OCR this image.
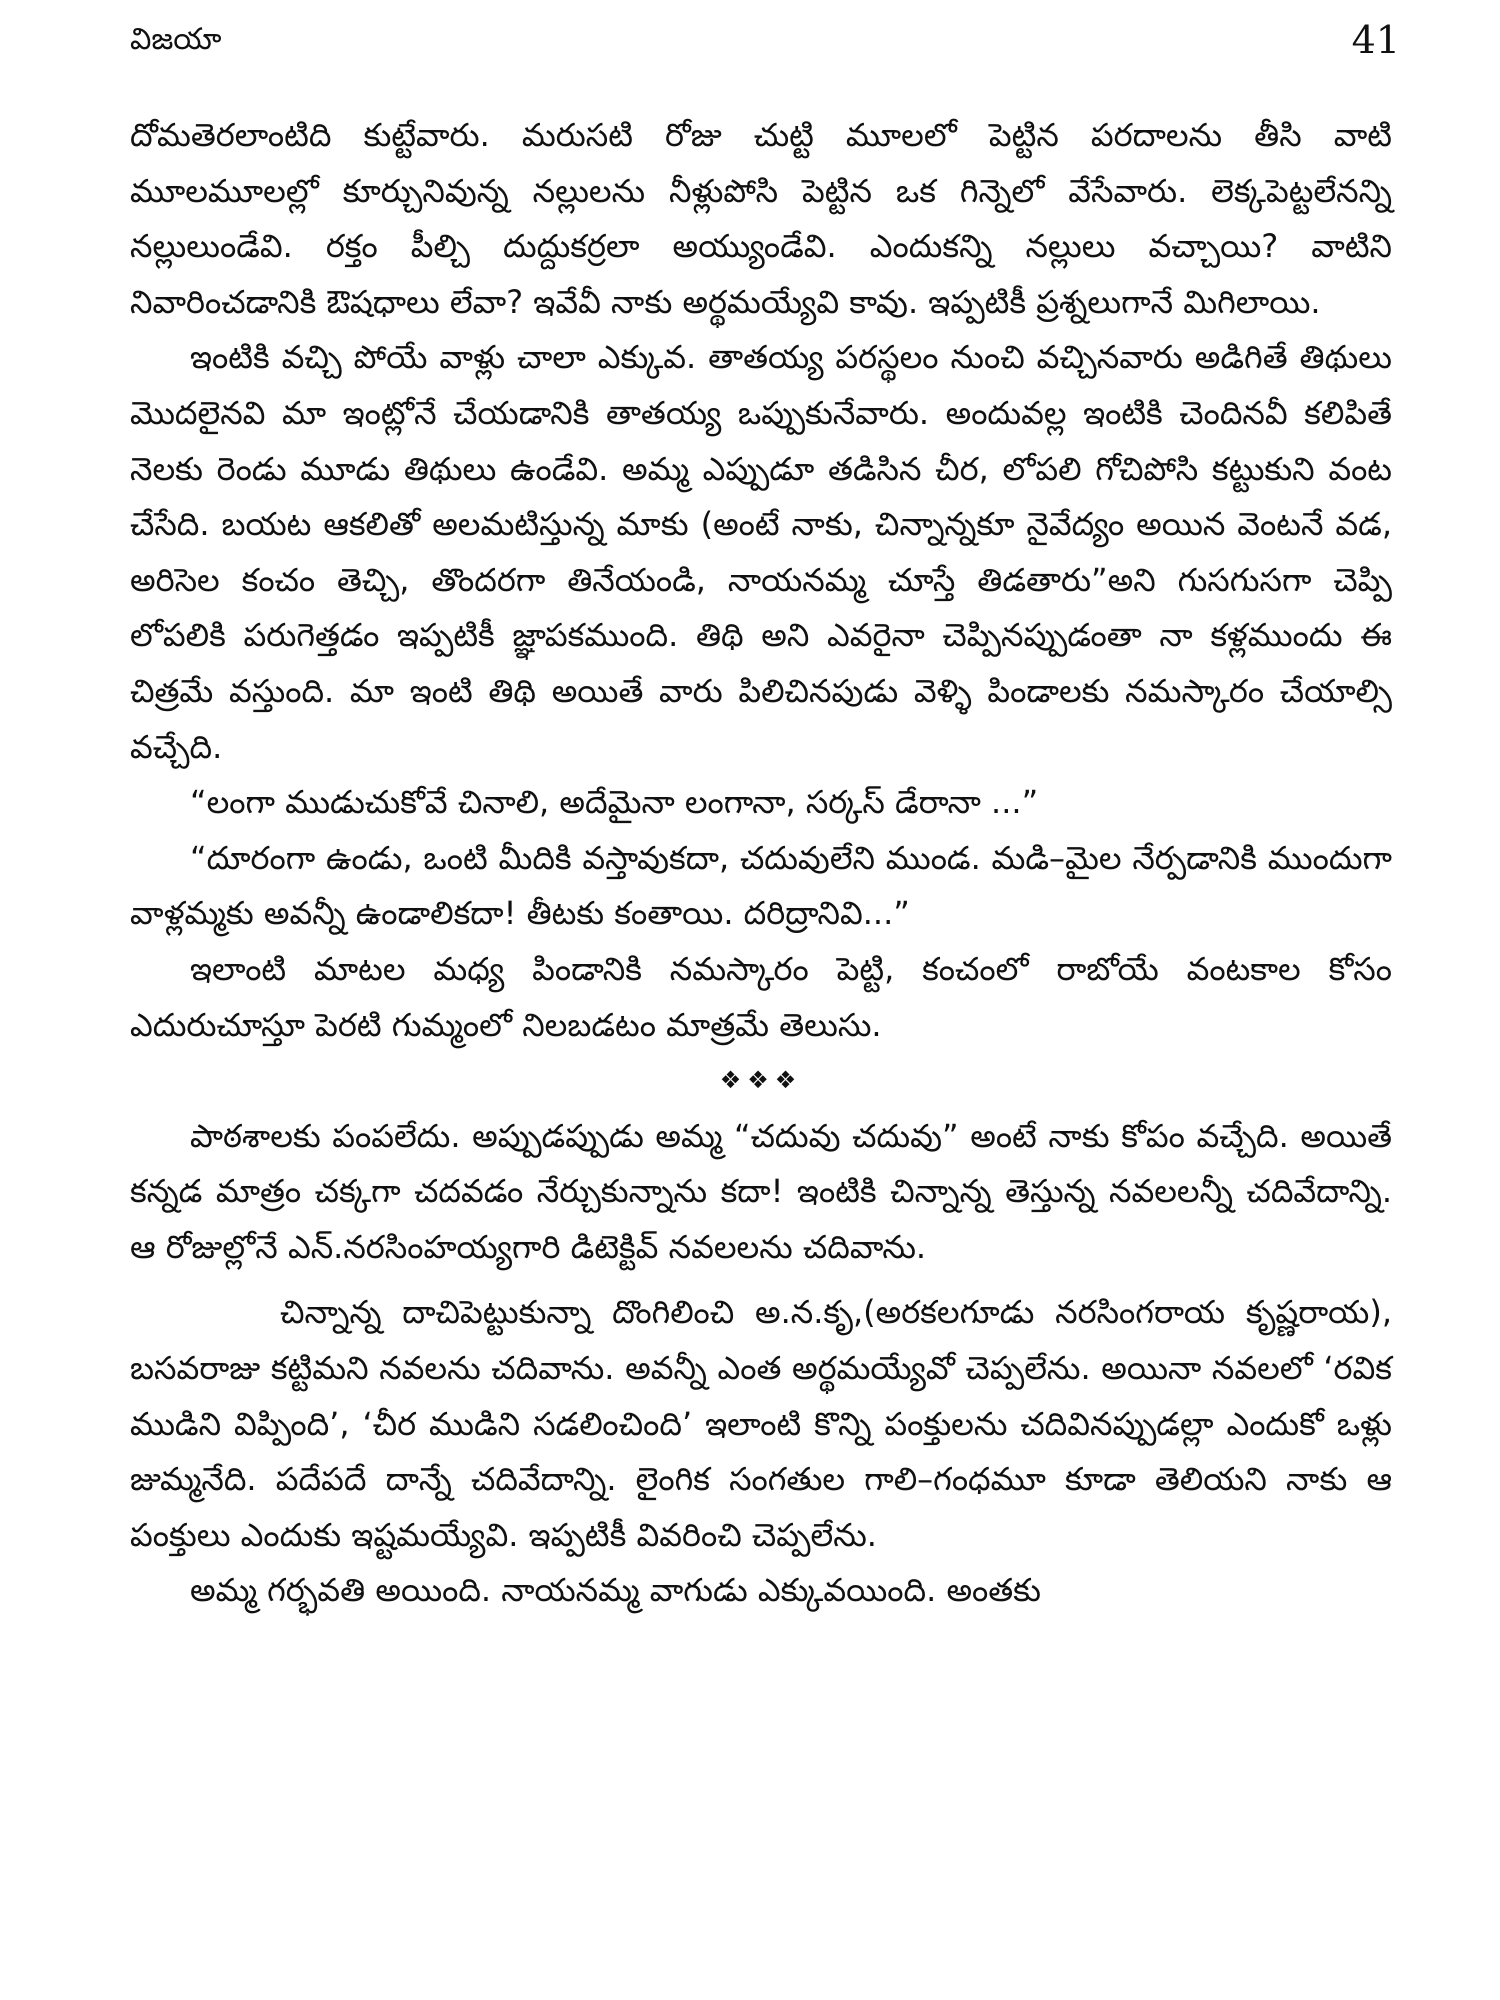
విజయా	41

దోమతెరలాంటిది కుట్టేవారు. మరుసటి రోజు చుట్టి మూలలో పెట్టిన పరదాలను తీసి వాటి మూలమూలల్లో కూర్చునివున్న నల్లులను నీళ్లుపోసి పెట్టిన ఒక గిన్నెలో వేసేవారు. లెక్కపెట్టలేనన్ని నల్లులుండేవి. రక్తం పీల్చి దుద్దుకర్రలా అయ్యుండేవి. ఎందుకన్ని నల్లులు వచ్చాయి? వాటిని నివారించడానికి ఔషధాలు లేవా? ఇవేవీ నాకు అర్థమయ్యేవి కావు. ఇప్పటికీ ప్రశ్నలుగానే మిగిలాయి.

ఇంటికి వచ్చి పోయే వాళ్లు చాలా ఎక్కువ. తాతయ్య పరస్థలం నుంచి వచ్చినవారు అడిగితే తిథులు మొదలైనవి మా ఇంట్లోనే చేయడానికి తాతయ్య ఒప్పుకునేవారు. అందువల్ల ఇంటికి చెందినవీ కలిపితే నెలకు రెండు మూడు తిథులు ఉండేవి. అమ్మ ఎప్పుడూ తడిసిన చీర, లోపలి గోచిపోసి కట్టుకుని వంట చేసేది. బయట ఆకలితో అలమటిస్తున్న మాకు (అంటే నాకు, చిన్నాన్నకూ నైవేద్యం అయిన వెంటనే వడ, అరిసెల కంచం తెచ్చి, తొందరగా తినేయండి, నాయనమ్మ చూస్తే తిడతారు”అని గుసగుసగా చెప్పి లోపలికి పరుగెత్తడం ఇప్పటికీ జ్ఞాపకముంది. తిథి అని ఎవరైనా చెప్పినప్పుడంతా నా కళ్లముందు ఈ చిత్రమే వస్తుంది. మా ఇంటి తిథి అయితే వారు పిలిచినపుడు వెళ్ళి పిండాలకు నమస్కారం చేయాల్సి వచ్చేది.

“లంగా ముడుచుకోవే చినాలి, అదేమైనా లంగానా, సర్కస్ డేరానా ...”

“దూరంగా ఉండు, ఒంటి మీదికి వస్తావుకదా, చదువులేని ముండ. మడి–మైల నేర్పడానికి ముందుగా వాళ్లమ్మకు అవన్నీ ఉండాలికదా! తీటకు కంతాయి. దరిద్రానివి...”

ఇలాంటి మాటల మధ్య పిండానికి నమస్కారం పెట్టి, కంచంలో రాబోయే వంటకాల కోసం ఎదురుచూస్తూ పెరటి గుమ్మంలో నిలబడటం మాత్రమే తెలుసు.

❖❖❖

పాఠశాలకు పంపలేదు. అప్పుడప్పుడు అమ్మ “చదువు చదువు” అంటే నాకు కోపం వచ్చేది. అయితే కన్నడ మాత్రం చక్కగా చదవడం నేర్చుకున్నాను కదా! ఇంటికి చిన్నాన్న తెస్తున్న నవలలన్నీ చదివేదాన్ని. ఆ రోజుల్లోనే ఎన్.నరసింహయ్యగారి డిటెక్టివ్ నవలలను చదివాను.

చిన్నాన్న దాచిపెట్టుకున్నా దొంగిలించి అ.న.కృ,(అరకలగూడు నరసింగరాయ కృష్ణరాయ), బసవరాజు కట్టిమని నవలను చదివాను. అవన్నీ ఎంత అర్థమయ్యేవో చెప్పలేను. అయినా నవలలో ‘రవిక ముడిని విప్పింది’, ‘చీర ముడిని సడలించింది’ ఇలాంటి కొన్ని పంక్తులను చదివినప్పుడల్లా ఎందుకో ఒళ్లు జుమ్మనేది. పదేపదే దాన్నే చదివేదాన్ని. లైంగిక సంగతుల గాలి–గంధమూ కూడా తెలియని నాకు ఆ పంక్తులు ఎందుకు ఇష్టమయ్యేవి. ఇప్పటికీ వివరించి చెప్పలేను.

అమ్మ గర్భవతి అయింది. నాయనమ్మ వాగుడు ఎక్కువయింది. అంతకు
